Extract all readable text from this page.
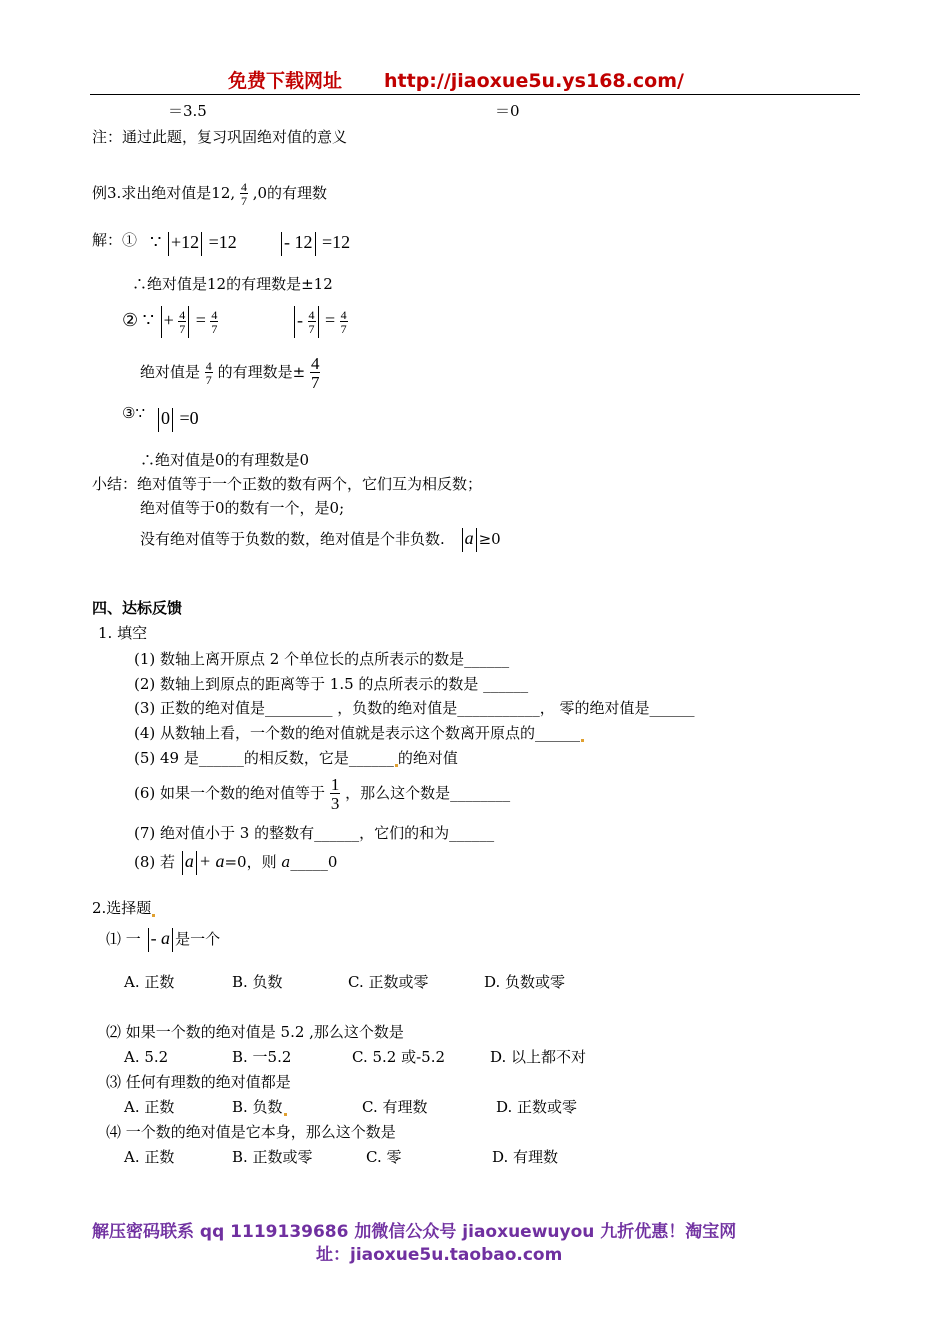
免费下载网址 http://jiaoxue5u.ys168.com/
＝3.5	＝0
注：通过此题，复习巩固绝对值的意义
例3.求出绝对值是12, $\frac{4}{7} ,0$的有理数
解：① ∵ +12 =12	- 12 =12
∴绝对值是12的有理数是±12
② ∵ + $\frac{4}{7} = \frac{4}{7}$	- $\frac{4}{7} = \frac{4}{7}$
绝对值是 $\frac{4}{7}$ 的有理数是± $\frac{4}{7}$
③∵ 0 =0
∴绝对值是0的有理数是0
小结：绝对值等于一个正数的数有两个，它们互为相反数；
绝对值等于0的数有一个，是0;
没有绝对值等于负数的数，绝对值是个非负数. a ≥0
四、达标反馈
1. 填空
(1) 数轴上离开原点 2 个单位长的点所表示的数是______
(2) 数轴上到原点的距离等于 1.5 的点所表示的数是 ______
(3) 正数的绝对值是_________ ，负数的绝对值是___________， 零的绝对值是______
(4) 从数轴上看，一个数的绝对值就是表示这个数离开原点的______
(5) 49 是______的相反数，它是______ 的绝对值
(6) 如果一个数的绝对值等于 $\frac{1}{3}$ ，那么这个数是________
(7) 绝对值小于 3 的整数有______，它们的和为______
(8) 若 a + a=0，则 a_____0
2.选择题
⑴ 一 - a 是一个
A. 正数	B. 负数	C. 正数或零	D. 负数或零
⑵ 如果一个数的绝对值是 5.2 ,那么这个数是
A. 5.2	B. 一5.2	C. 5.2 或-5.2	D. 以上都不对
⑶ 任何有理数的绝对值都是
A. 正数	B. 负数	C. 有理数	D. 正数或零
⑷ 一个数的绝对值是它本身，那么这个数是
A. 正数	B. 正数或零	C. 零	D. 有理数
解压密码联系 qq 1119139686 加微信公众号 jiaoxuewuyou 九折优惠！淘宝网
址：jiaoxue5u.taobao.com
